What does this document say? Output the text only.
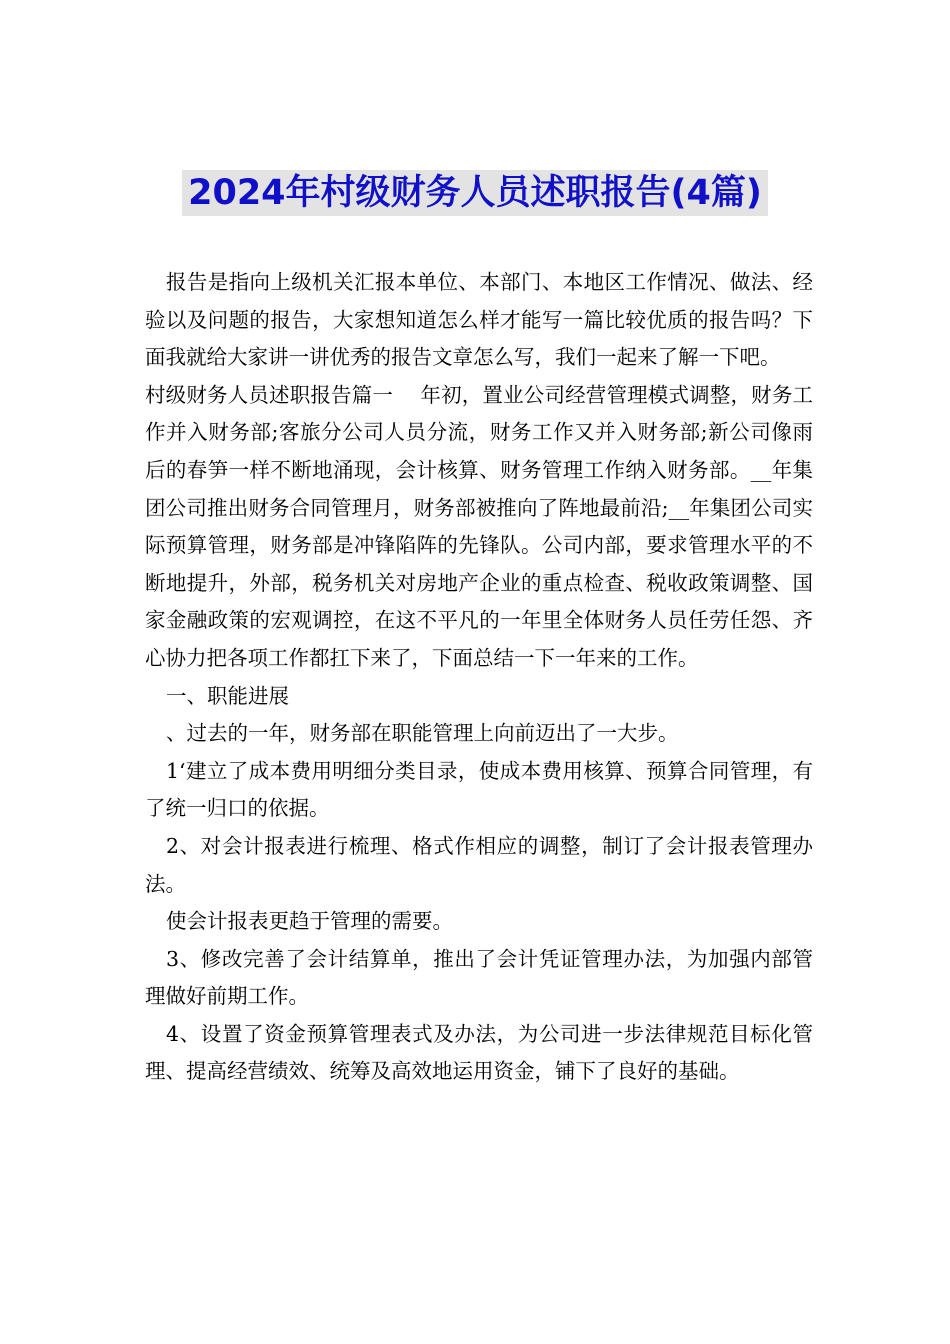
2024年村级财务人员述职报告(4篇)

报告是指向上级机关汇报本单位、本部门、本地区工作情况、做法、经验以及问题的报告，大家想知道怎么样才能写一篇比较优质的报告吗？下面我就给大家讲一讲优秀的报告文章怎么写，我们一起来了解一下吧。

村级财务人员述职报告篇一　 年初，置业公司经营管理模式调整，财务工作并入财务部;客旅分公司人员分流，财务工作又并入财务部;新公司像雨后的春笋一样不断地涌现，会计核算、财务管理工作纳入财务部。__年集团公司推出财务合同管理月，财务部被推向了阵地最前沿;__年集团公司实际预算管理，财务部是冲锋陷阵的先锋队。公司内部，要求管理水平的不断地提升，外部，税务机关对房地产企业的重点检查、税收政策调整、国家金融政策的宏观调控，在这不平凡的一年里全体财务人员任劳任怨、齐心协力把各项工作都扛下来了，下面总结一下一年来的工作。

一、职能进展

、过去的一年，财务部在职能管理上向前迈出了一大步。

1‘建立了成本费用明细分类目录，使成本费用核算、预算合同管理，有了统一归口的依据。

2、对会计报表进行梳理、格式作相应的调整，制订了会计报表管理办法。

使会计报表更趋于管理的需要。

3、修改完善了会计结算单，推出了会计凭证管理办法，为加强内部管理做好前期工作。

4、设置了资金预算管理表式及办法，为公司进一步法律规范目标化管理、提高经营绩效、统筹及高效地运用资金，铺下了良好的基础。
